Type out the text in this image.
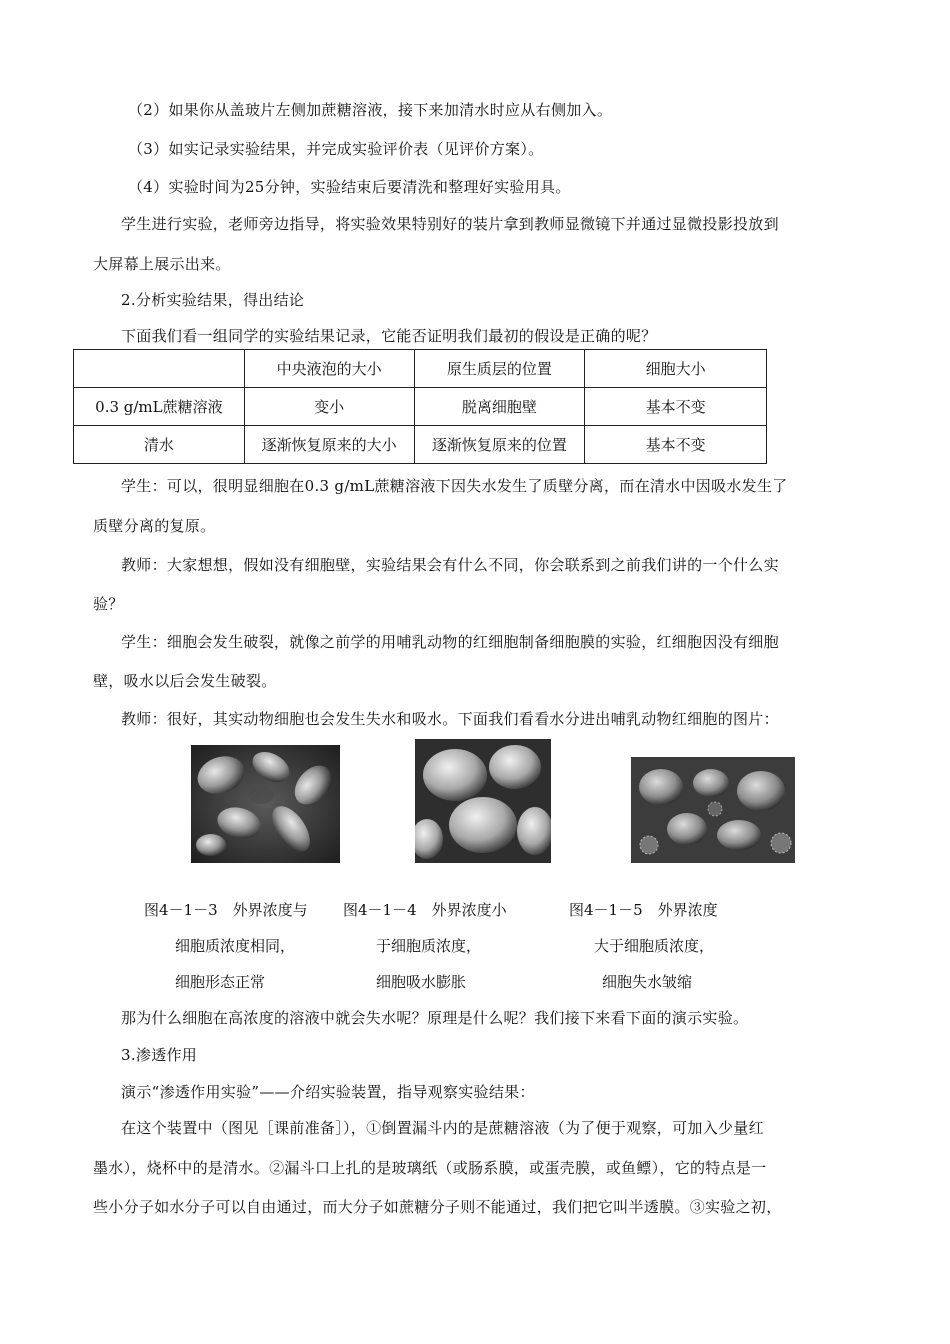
（2）如果你从盖玻片左侧加蔗糖溶液，接下来加清水时应从右侧加入。
（3）如实记录实验结果，并完成实验评价表（见评价方案）。
（4）实验时间为25分钟，实验结束后要清洗和整理好实验用具。
学生进行实验，老师旁边指导，将实验效果特别好的装片拿到教师显微镜下并通过显微投影投放到
大屏幕上展示出来。
2.分析实验结果，得出结论
下面我们看一组同学的实验结果记录，它能否证明我们最初的假设是正确的呢？
	中央液泡的大小	原生质层的位置	细胞大小
0.3 g/mL蔗糖溶液	变小	脱离细胞壁	基本不变
清水	逐渐恢复原来的大小	逐渐恢复原来的位置	基本不变
学生：可以，很明显细胞在0.3 g/mL蔗糖溶液下因失水发生了质壁分离，而在清水中因吸水发生了
质壁分离的复原。
教师：大家想想，假如没有细胞壁，实验结果会有什么不同，你会联系到之前我们讲的一个什么实
验？
学生：细胞会发生破裂，就像之前学的用哺乳动物的红细胞制备细胞膜的实验，红细胞因没有细胞
壁，吸水以后会发生破裂。
教师：很好，其实动物细胞也会发生失水和吸水。下面我们看看水分进出哺乳动物红细胞的图片：
图4－1－3　外界浓度与
细胞质浓度相同，
细胞形态正常
图4－1－4　外界浓度小
于细胞质浓度，
细胞吸水膨胀
图4－1－5　外界浓度
大于细胞质浓度，
细胞失水皱缩
那为什么细胞在高浓度的溶液中就会失水呢？原理是什么呢？我们接下来看下面的演示实验。
3.渗透作用
演示“渗透作用实验”——介绍实验装置，指导观察实验结果：
在这个装置中（图见［课前准备］），①倒置漏斗内的是蔗糖溶液（为了便于观察，可加入少量红
墨水），烧杯中的是清水。②漏斗口上扎的是玻璃纸（或肠系膜，或蛋壳膜，或鱼鳔），它的特点是一
些小分子如水分子可以自由通过，而大分子如蔗糖分子则不能通过，我们把它叫半透膜。③实验之初，
